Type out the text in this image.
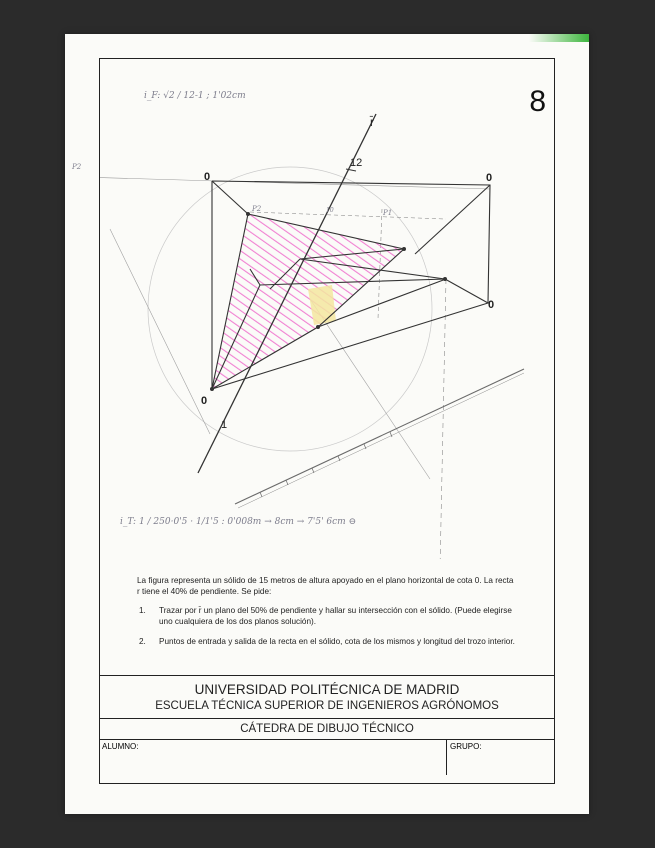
8
i_F: √2 / 12-1 ; 1'02cm
i_T: 1 / 250·0'5 · 1/1'5 : 0'008m → 8cm → 7'5' 6cm ⊖
r̄
12
1
0	0
0
0
P2
P2	P1
10

La figura representa un sólido de 15 metros de altura apoyado en el plano horizontal de cota 0. La recta r tiene el 40% de pendiente. Se pide:

1.	Trazar por r̄ un plano del 50% de pendiente y hallar su intersección con el sólido. (Puede elegirse uno cualquiera de los dos planos solución).
2.	Puntos de entrada y salida de la recta en el sólido, cota de los mismos y longitud del trozo interior.
UNIVERSIDAD POLITÉCNICA DE MADRID
ESCUELA TÉCNICA SUPERIOR DE INGENIEROS AGRÓNOMOS
CÁTEDRA DE DIBUJO TÉCNICO
ALUMNO:	GRUPO:
